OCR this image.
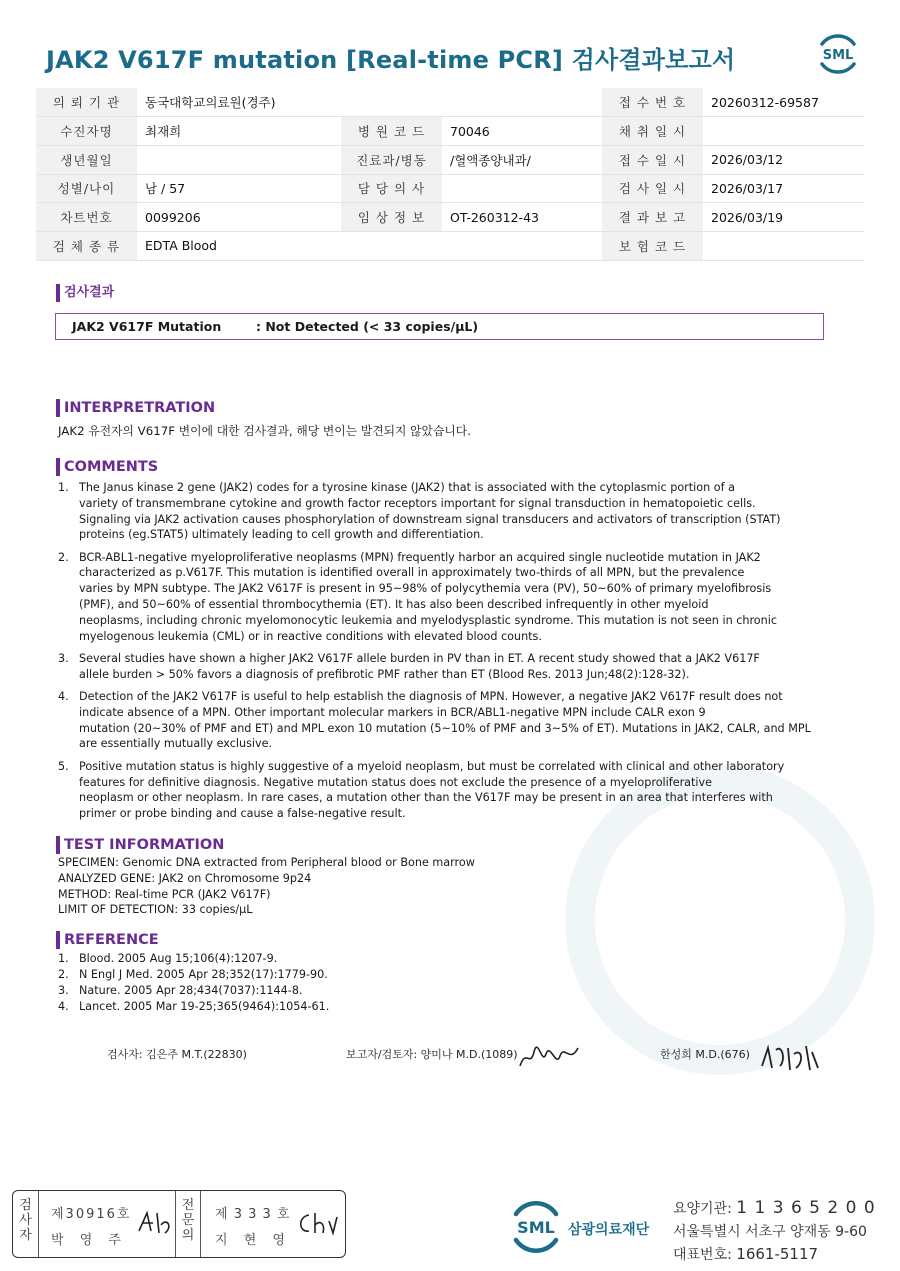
JAK2 V617F mutation [Real-time PCR] 검사결과보고서	SML
의 뢰 기 관	동국대학교의료원(경주)			접 수 번 호	20260312-69587
수진자명	최재희	병 원 코 드	70046	채 취 일 시	
생년월일		진료과/병동	/혈액종양내과/	접 수 일 시	2026/03/12
성별/나이	남 / 57	담 당 의 사		검 사 일 시	2026/03/17
차트번호	0099206	임 상 정 보	OT-260312-43	결 과 보 고	2026/03/19
검 체 종 류	EDTA Blood			보 험 코 드	
검사결과
JAK2 V617F Mutation	: Not Detected (< 33 copies/µL)
INTERPRETRATION
JAK2 유전자의 V617F 변이에 대한 검사결과, 해당 변이는 발견되지 않았습니다.
COMMENTS
1. The Janus kinase 2 gene (JAK2) codes for a tyrosine kinase (JAK2) that is associated with the cytoplasmic portion of a
variety of transmembrane cytokine and growth factor receptors important for signal transduction in hematopoietic cells.
Signaling via JAK2 activation causes phosphorylation of downstream signal transducers and activators of transcription (STAT)
proteins (eg.STAT5) ultimately leading to cell growth and differentiation.
2. BCR-ABL1-negative myeloproliferative neoplasms (MPN) frequently harbor an acquired single nucleotide mutation in JAK2
characterized as p.V617F. This mutation is identified overall in approximately two-thirds of all MPN, but the prevalence
varies by MPN subtype. The JAK2 V617F is present in 95~98% of polycythemia vera (PV), 50~60% of primary myelofibrosis
(PMF), and 50~60% of essential thrombocythemia (ET). It has also been described infrequently in other myeloid
neoplasms, including chronic myelomonocytic leukemia and myelodysplastic syndrome. This mutation is not seen in chronic
myelogenous leukemia (CML) or in reactive conditions with elevated blood counts.
3. Several studies have shown a higher JAK2 V617F allele burden in PV than in ET. A recent study showed that a JAK2 V617F
allele burden > 50% favors a diagnosis of prefibrotic PMF rather than ET (Blood Res. 2013 Jun;48(2):128-32).
4. Detection of the JAK2 V617F is useful to help establish the diagnosis of MPN. However, a negative JAK2 V617F result does not
indicate absence of a MPN. Other important molecular markers in BCR/ABL1-negative MPN include CALR exon 9
mutation (20~30% of PMF and ET) and MPL exon 10 mutation (5~10% of PMF and 3~5% of ET). Mutations in JAK2, CALR, and MPL
are essentially mutually exclusive.
5. Positive mutation status is highly suggestive of a myeloid neoplasm, but must be correlated with clinical and other laboratory
features for definitive diagnosis. Negative mutation status does not exclude the presence of a myeloproliferative
neoplasm or other neoplasm. In rare cases, a mutation other than the V617F may be present in an area that interferes with
primer or probe binding and cause a false-negative result.
TEST INFORMATION
SPECIMEN: Genomic DNA extracted from Peripheral blood or Bone marrow
ANALYZED GENE: JAK2 on Chromosome 9p24
METHOD: Real-time PCR (JAK2 V617F)
LIMIT OF DETECTION: 33 copies/µL
REFERENCE
1. Blood. 2005 Aug 15;106(4):1207-9.
2. N Engl J Med. 2005 Apr 28;352(17):1779-90.
3. Nature. 2005 Apr 28;434(7037):1144-8.
4. Lancet. 2005 Mar 19-25;365(9464):1054-61.
검사자: 김은주 M.T.(22830)	보고자/검토자: 양미나 M.D.(1089)	한성희 M.D.(676)
검
사
자
제30916호
박 영 주
전
문
의
제 3 3 3 호
지 현 영
SML 삼광의료재단
요양기관: 1 1 3 6 5 2 0 0
서울특별시 서초구 양재동 9-60
대표번호: 1661-5117
